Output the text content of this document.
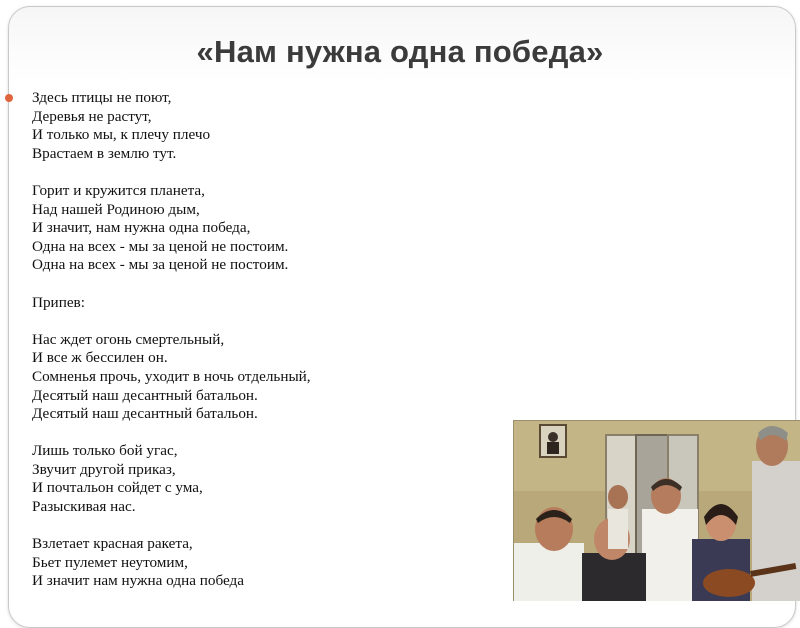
«Нам нужна одна победа»
Здесь птицы не поют,
Деревья не растут,
И только мы, к плечу плечо
Врастаем в землю тут.
Горит и кружится планета,
Над нашей Родиною дым,
И значит, нам нужна одна победа,
Одна на всех - мы за ценой не постоим.
Одна на всех - мы за ценой не постоим.
Припев:
Нас ждет огонь смертельный,
И все ж бессилен он.
Сомненья прочь, уходит в ночь отдельный,
Десятый наш десантный батальон.
Десятый наш десантный батальон.
Лишь только бой угас,
Звучит другой приказ,
И почтальон сойдет с ума,
Разыскивая нас.
Взлетает красная ракета,
Бьет пулемет неутомим,
И значит нам нужна одна победа
